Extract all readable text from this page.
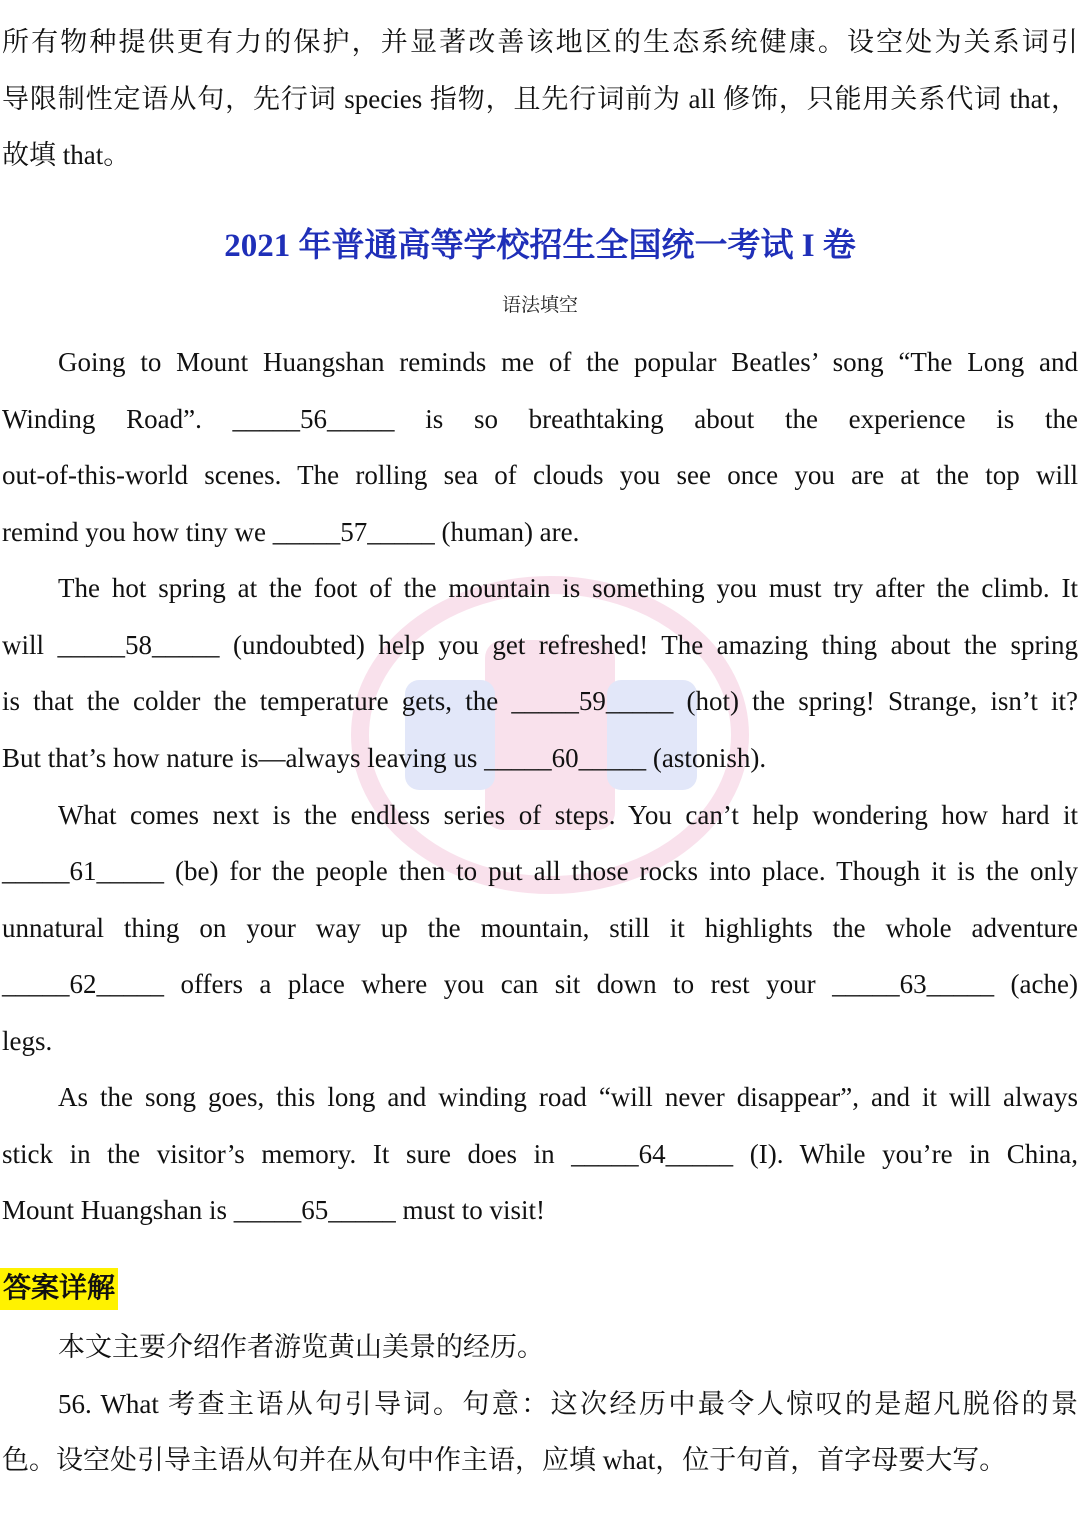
所有物种提供更有力的保护，并显著改善该地区的生态系统健康。设空处为关系词引
导限制性定语从句，先行词 species 指物，且先行词前为 all 修饰，只能用关系代词 that，
故填 that。
2021 年普通高等学校招生全国统一考试 I 卷
语法填空
Going to Mount Huangshan reminds me of the popular Beatles’ song “The Long and
Winding Road”. _____56_____ is so breathtaking about the experience is the
out-of-this-world scenes. The rolling sea of clouds you see once you are at the top will
remind you how tiny we _____57_____ (human) are.
The hot spring at the foot of the mountain is something you must try after the climb. It
will _____58_____ (undoubted) help you get refreshed! The amazing thing about the spring
is that the colder the temperature gets, the _____59_____ (hot) the spring! Strange, isn’t it?
But that’s how nature is—always leaving us _____60_____ (astonish).
What comes next is the endless series of steps. You can’t help wondering how hard it
_____61_____ (be) for the people then to put all those rocks into place. Though it is the only
unnatural thing on your way up the mountain, still it highlights the whole adventure
_____62_____ offers a place where you can sit down to rest your _____63_____ (ache)
legs.
As the song goes, this long and winding road “will never disappear”, and it will always
stick in the visitor’s memory. It sure does in _____64_____ (I). While you’re in China,
Mount Huangshan is _____65_____ must to visit!
答案详解
本文主要介绍作者游览黄山美景的经历。
56. What 考查主语从句引导词。句意：这次经历中最令人惊叹的是超凡脱俗的景
色。设空处引导主语从句并在从句中作主语，应填 what，位于句首，首字母要大写。
